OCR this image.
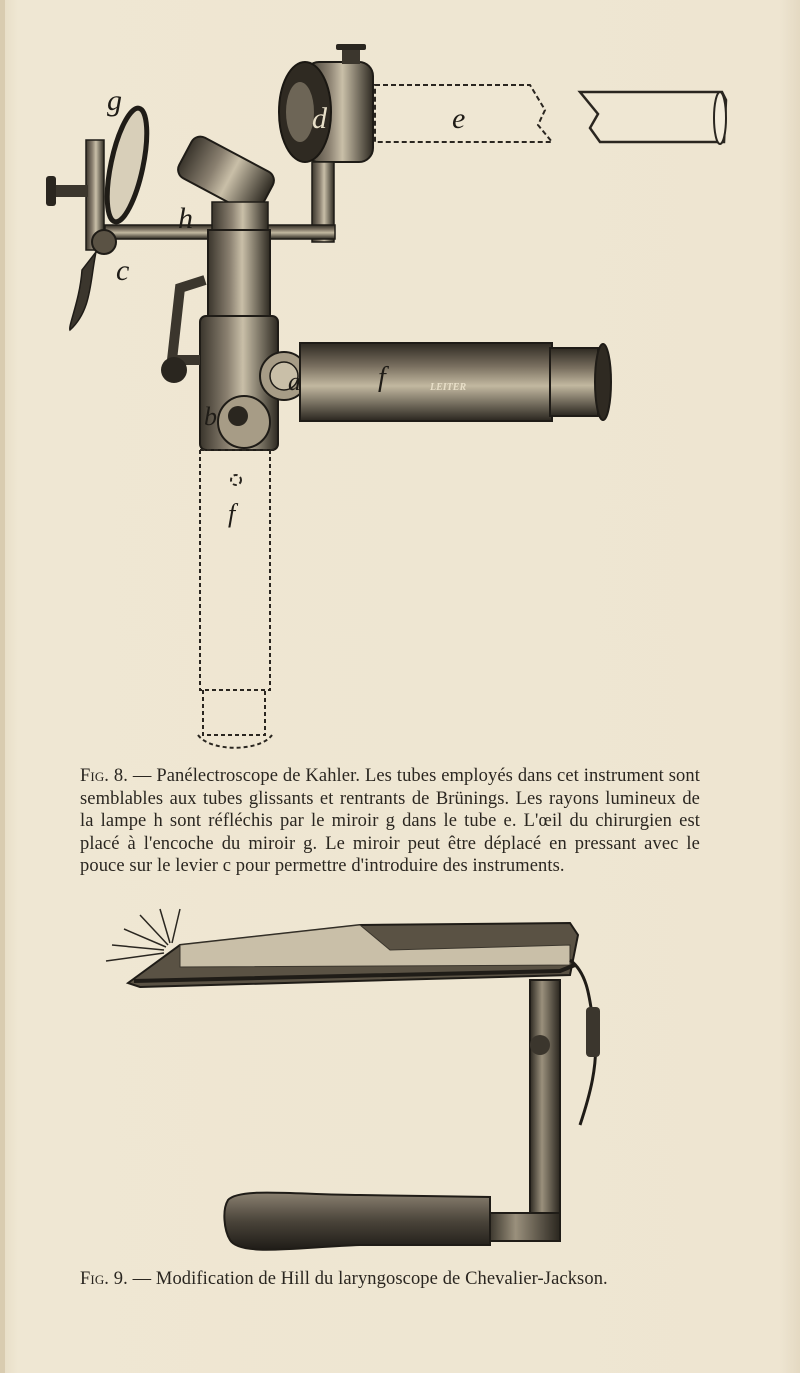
g
d	e
h
c
a
b
f
f
LEITER
Fig. 8. — Panélectroscope de Kahler. Les tubes employés dans cet instrument sont semblables aux tubes glissants et rentrants de Brünings. Les rayons lumineux de la lampe h sont réfléchis par le miroir g dans le tube e. L'œil du chirurgien est placé à l'encoche du miroir g. Le miroir peut être déplacé en pressant avec le pouce sur le levier c pour permettre d'introduire des instruments.
Fig. 9. — Modification de Hill du laryngoscope de Chevalier-Jackson.
